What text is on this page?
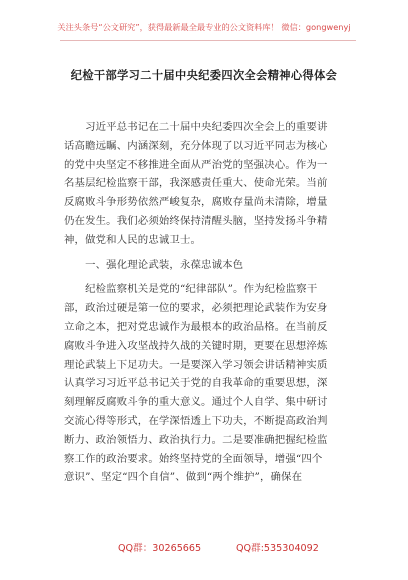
关注头条号“公文研究”，获得最新最全最专业的公文资料库！ 微信：gongwenyj
纪检干部学习二十届中央纪委四次全会精神心得体会
　　习近平总书记在二十届中央纪委四次全会上的重要讲
话高瞻远瞩、内涵深刻，充分体现了以习近平同志为核心
的党中央坚定不移推进全面从严治党的坚强决心。作为一
名基层纪检监察干部，我深感责任重大、使命光荣。当前
反腐败斗争形势依然严峻复杂，腐败存量尚未清除，增量
仍在发生。我们必须始终保持清醒头脑，坚持发扬斗争精
神，做党和人民的忠诚卫士。
　　一、强化理论武装，永葆忠诚本色
　　纪检监察机关是党的“纪律部队”。作为纪检监察干
部，政治过硬是第一位的要求，必须把理论武装作为安身
立命之本，把对党忠诚作为最根本的政治品格。在当前反
腐败斗争进入攻坚战持久战的关键时期，更要在思想淬炼
理论武装上下足功夫。一是要深入学习领会讲话精神实质
认真学习习近平总书记关于党的自我革命的重要思想，深
刻理解反腐败斗争的重大意义。通过个人自学、集中研讨
交流心得等形式，在学深悟透上下功夫，不断提高政治判
断力、政治领悟力、政治执行力。二是要准确把握纪检监
察工作的政治要求。始终坚持党的全面领导，增强“四个
意识”、坚定“四个自信”、做到“两个维护”，确保在
QQ群：30265665	QQ群:535304092
